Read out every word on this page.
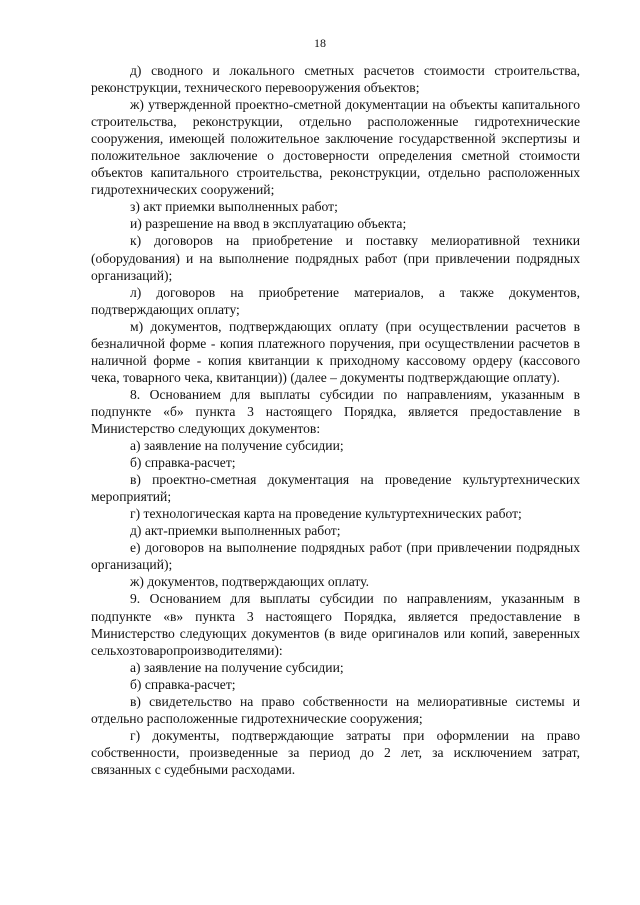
18

д) сводного и локального сметных расчетов стоимости строительства, реконструкции, технического перевооружения объектов;

ж) утвержденной проектно-сметной документации на объекты капитального строительства, реконструкции, отдельно расположенные гидротехнические сооружения, имеющей положительное заключение государственной экспертизы и положительное заключение о достоверности определения сметной стоимости объектов капитального строительства, реконструкции, отдельно расположенных гидротехнических сооружений;

з) акт приемки выполненных работ;

и) разрешение на ввод в эксплуатацию объекта;

к) договоров на приобретение и поставку мелиоративной техники (оборудования) и на выполнение подрядных работ (при привлечении подрядных организаций);

л) договоров на приобретение материалов, а также документов, подтверждающих оплату;

м) документов, подтверждающих оплату (при осуществлении расчетов в безналичной форме - копия платежного поручения, при осуществлении расчетов в наличной форме - копия квитанции к приходному кассовому ордеру (кассового чека, товарного чека, квитанции)) (далее – документы подтверждающие оплату).

8. Основанием для выплаты субсидии по направлениям, указанным в подпункте «б» пункта 3 настоящего Порядка, является предоставление в Министерство следующих документов:

а) заявление на получение субсидии;

б) справка-расчет;

в) проектно-сметная документация на проведение культуртехнических мероприятий;

г) технологическая карта на проведение культуртехнических работ;

д) акт-приемки выполненных работ;

е) договоров на выполнение подрядных работ (при привлечении подрядных организаций);

ж) документов, подтверждающих оплату.

9. Основанием для выплаты субсидии по направлениям, указанным в подпункте «в» пункта 3 настоящего Порядка, является предоставление в Министерство следующих документов (в виде оригиналов или копий, заверенных сельхозтоваропроизводителями):

а) заявление на получение субсидии;

б) справка-расчет;

в) свидетельство на право собственности на мелиоративные системы и отдельно расположенные гидротехнические сооружения;

г) документы, подтверждающие затраты при оформлении на право собственности, произведенные за период до 2 лет, за исключением затрат, связанных с судебными расходами.
